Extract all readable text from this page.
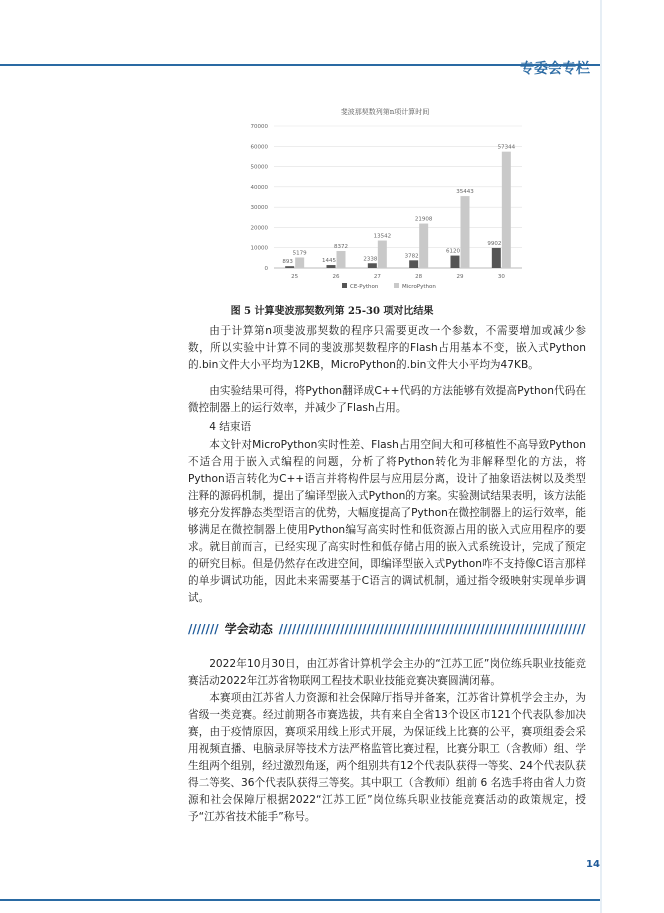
专委会专栏
斐波那契数列第n项计算时间
0
10000
20000
30000
40000
50000
60000
70000
893
5179
1445
8372
2338
13542
3782
21908
6120
35443
9902
57344
25	26	27	28	29	30
CE-Python	MicroPython
图 5 计算斐波那契数列第 25-30 项对比结果

由于计算第n项斐波那契数的程序只需要更改一个参数，不需要增加或减少参数，所以实验中计算不同的斐波那契数程序的Flash占用基本不变，嵌入式Python的.bin文件大小平均为12KB，MicroPython的.bin文件大小平均为47KB。

由实验结果可得，将Python翻译成C++代码的方法能够有效提高Python代码在微控制器上的运行效率，并减少了Flash占用。

4 结束语

本文针对MicroPython实时性差、Flash占用空间大和可移植性不高导致Python不适合用于嵌入式编程的问题，分析了将Python转化为非解释型化的方法，将Python语言转化为C++语言并将构件层与应用层分离，设计了抽象语法树以及类型注释的源码机制，提出了编译型嵌入式Python的方案。实验测试结果表明，该方法能够充分发挥静态类型语言的优势，大幅度提高了Python在微控制器上的运行效率，能够满足在微控制器上使用Python编写高实时性和低资源占用的嵌入式应用程序的要求。就目前而言，已经实现了高实时性和低存储占用的嵌入式系统设计，完成了预定的研究目标。但是仍然存在改进空间，即编译型嵌入式Python咋不支持像C语言那样的单步调试功能，因此未来需要基于C语言的调试机制，通过指令级映射实现单步调试。

/////// 学会动态 //////////////////////////////////////////////////////////////////////

2022年10月30日，由江苏省计算机学会主办的“江苏工匠”岗位练兵职业技能竞赛活动2022年江苏省物联网工程技术职业技能竞赛决赛圆满闭幕。

本赛项由江苏省人力资源和社会保障厅指导并备案，江苏省计算机学会主办，为省级一类竞赛。经过前期各市赛选拔，共有来自全省13个设区市121个代表队参加决赛，由于疫情原因，赛项采用线上形式开展，为保证线上比赛的公平，赛项组委会采用视频直播、电脑录屏等技术方法严格监管比赛过程，比赛分职工（含教师）组、学生组两个组别，经过激烈角逐，两个组别共有12个代表队获得一等奖、24个代表队获得二等奖、36个代表队获得三等奖。其中职工（含教师）组前 6 名选手将由省人力资源和社会保障厅根据2022“江苏工匠”岗位练兵职业技能竞赛活动的政策规定，授予“江苏省技术能手”称号。

14
